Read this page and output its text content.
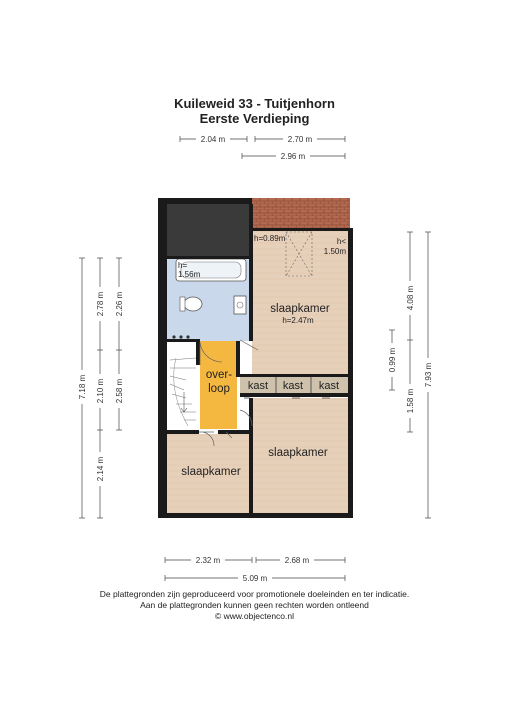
Kuileweid 33 - Tuitjenhorn
Eerste Verdieping
2.04 m	2.70 m
2.96 m
2.32 m	2.68 m
5.09 m
7.18 m
2.78 m
2.10 m
2.14 m
2.26 m
2.58 m
0.99 m
4.08 m
1.58 m
7.93 m
slaapkamer
h=2.47m
slaapkamer
slaapkamer
over-
loop kast kast kast
h=0.89m	h<
1.50m
h=
1.56m
De plattegronden zijn geproduceerd voor promotionele doeleinden en ter indicatie.
Aan de plattegronden kunnen geen rechten worden ontleend
© www.objectenco.nl
